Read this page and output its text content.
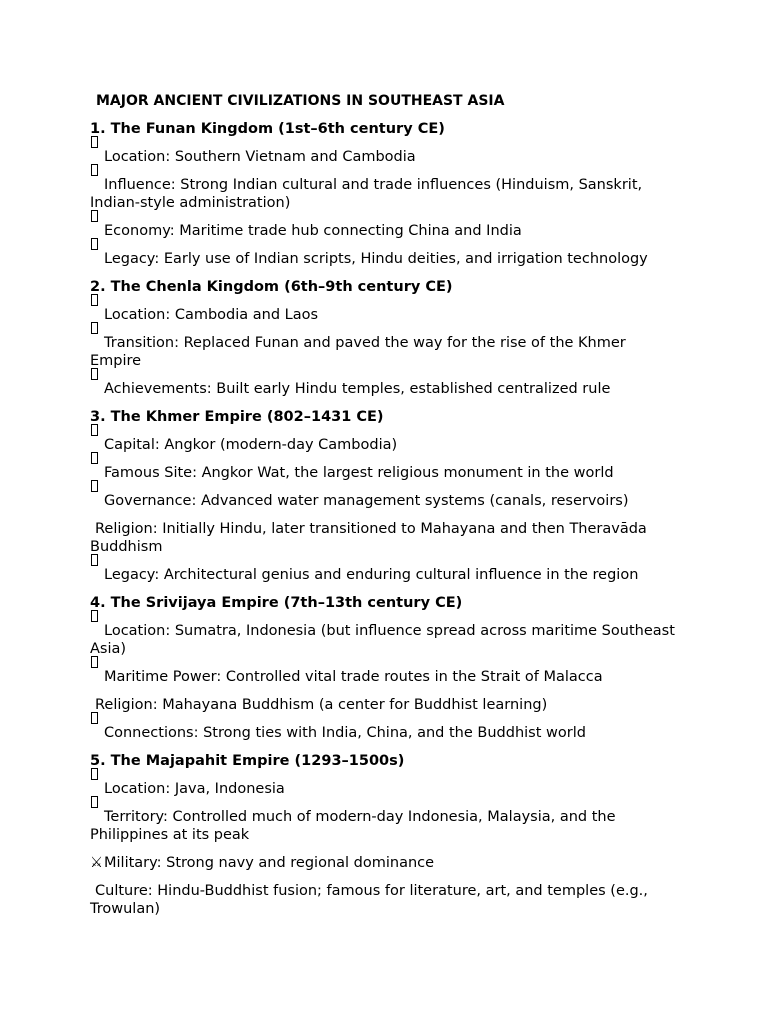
MAJOR ANCIENT CIVILIZATIONS IN SOUTHEAST ASIA
1. The Funan Kingdom (1st–6th century CE)
Location: Southern Vietnam and Cambodia
Influence: Strong Indian cultural and trade influences (Hinduism, Sanskrit, Indian-style administration)
Economy: Maritime trade hub connecting China and India
Legacy: Early use of Indian scripts, Hindu deities, and irrigation technology
2. The Chenla Kingdom (6th–9th century CE)
Location: Cambodia and Laos
Transition: Replaced Funan and paved the way for the rise of the Khmer Empire
Achievements: Built early Hindu temples, established centralized rule
3. The Khmer Empire (802–1431 CE)
Capital: Angkor (modern-day Cambodia)
Famous Site: Angkor Wat, the largest religious monument in the world
Governance: Advanced water management systems (canals, reservoirs)
Religion: Initially Hindu, later transitioned to Mahayana and then Theravāda Buddhism
Legacy: Architectural genius and enduring cultural influence in the region
4. The Srivijaya Empire (7th–13th century CE)
Location: Sumatra, Indonesia (but influence spread across maritime Southeast Asia)
Maritime Power: Controlled vital trade routes in the Strait of Malacca
Religion: Mahayana Buddhism (a center for Buddhist learning)
Connections: Strong ties with India, China, and the Buddhist world
5. The Majapahit Empire (1293–1500s)
Location: Java, Indonesia
Territory: Controlled much of modern-day Indonesia, Malaysia, and the Philippines at its peak
⚔Military: Strong navy and regional dominance
Culture: Hindu-Buddhist fusion; famous for literature, art, and temples (e.g., Trowulan)
